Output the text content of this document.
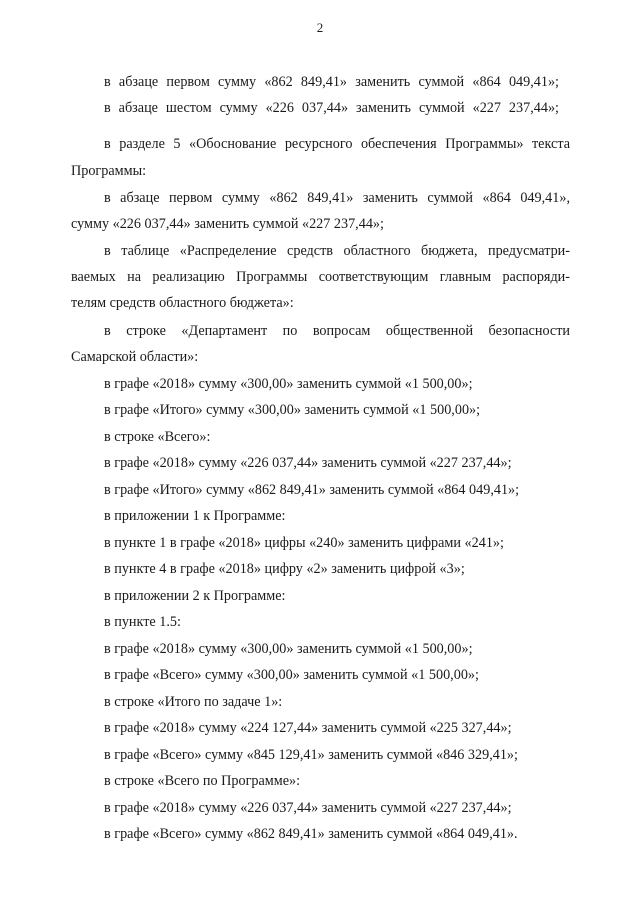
2
в абзаце первом сумму «862 849,41» заменить суммой «864 049,41»;
в абзаце шестом сумму «226 037,44» заменить суммой «227 237,44»;
в разделе 5 «Обоснование ресурсного обеспечения Программы» текста
Программы:
в абзаце первом сумму «862 849,41» заменить суммой «864 049,41»,
сумму «226 037,44» заменить суммой «227 237,44»;
в таблице «Распределение средств областного бюджета, предусматри-
ваемых на реализацию Программы соответствующим главным распоряди-
телям средств областного бюджета»:
в строке «Департамент по вопросам общественной безопасности
Самарской области»:
в графе «2018» сумму «300,00» заменить суммой «1 500,00»;
в графе «Итого» сумму «300,00» заменить суммой «1 500,00»;
в строке «Всего»:
в графе «2018» сумму «226 037,44» заменить суммой «227 237,44»;
в графе «Итого» сумму «862 849,41» заменить суммой «864 049,41»;
в приложении 1 к Программе:
в пункте 1 в графе «2018» цифры «240» заменить цифрами «241»;
в пункте 4 в графе «2018» цифру «2» заменить цифрой «3»;
в приложении 2 к Программе:
в пункте 1.5:
в графе «2018» сумму «300,00» заменить суммой «1 500,00»;
в графе «Всего» сумму «300,00» заменить суммой «1 500,00»;
в строке «Итого по задаче 1»:
в графе «2018» сумму «224 127,44» заменить суммой «225 327,44»;
в графе «Всего» сумму «845 129,41» заменить суммой «846 329,41»;
в строке «Всего по Программе»:
в графе «2018» сумму «226 037,44» заменить суммой «227 237,44»;
в графе «Всего» сумму «862 849,41» заменить суммой «864 049,41».
